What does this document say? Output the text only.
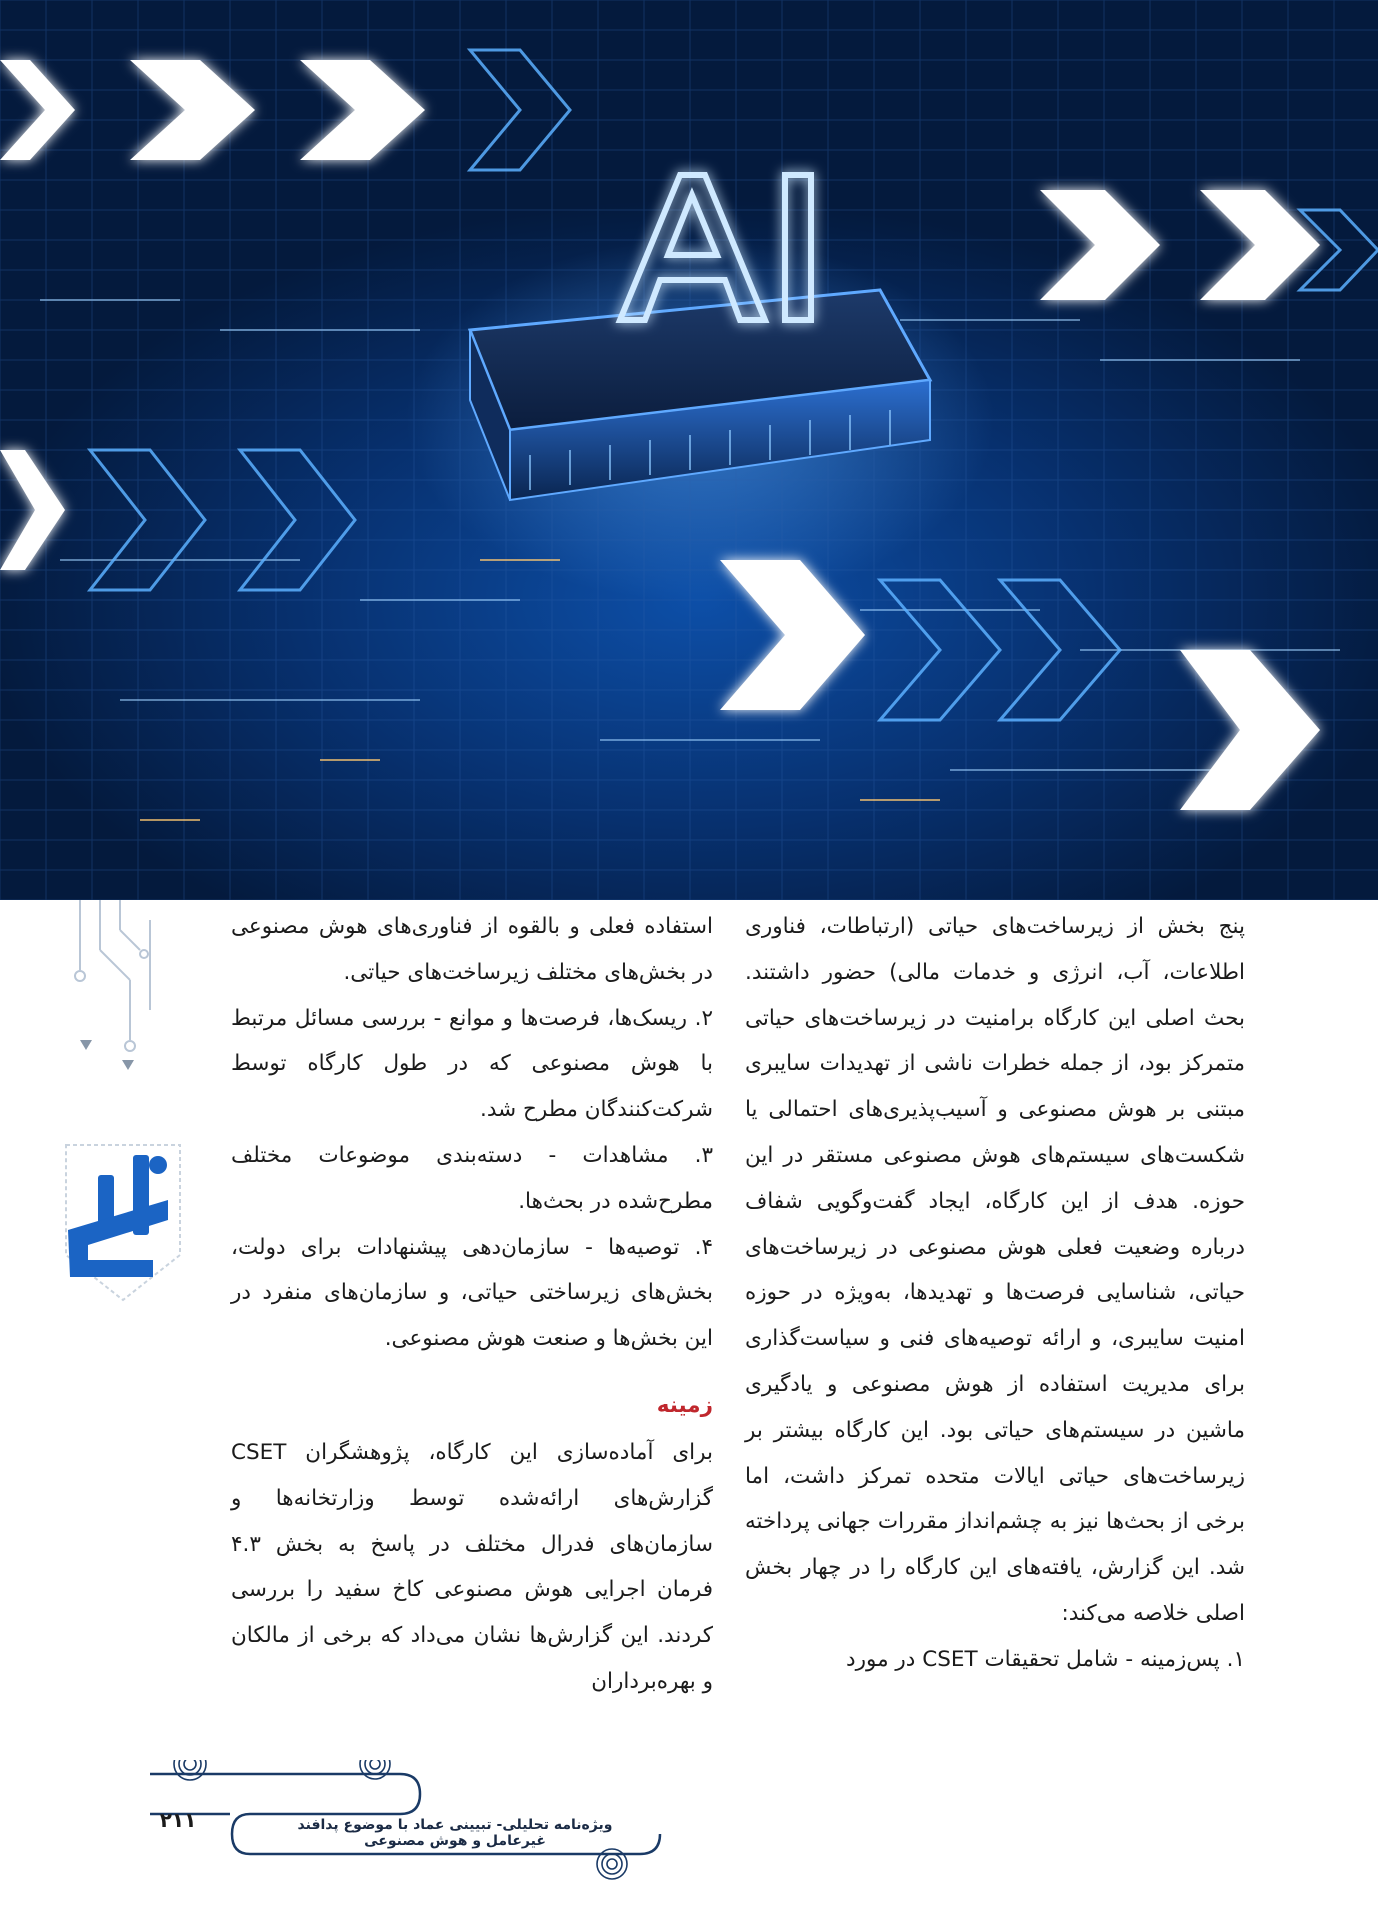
پنج بخش از زیرساخت‌های حیاتی (ارتباطات، فناوری اطلاعات، آب، انرژی و خدمات مالی) حضور داشتند. بحث اصلی این کارگاه برامنیت در زیرساخت‌های حیاتی متمرکز بود، از جمله خطرات ناشی از تهدیدات سایبری مبتنی بر هوش مصنوعی و آسیب‌پذیری‌های احتمالی یا شکست‌های سیستم‌های هوش مصنوعی مستقر در این حوزه. هدف از این کارگاه، ایجاد گفت‌وگویی شفاف درباره وضعیت فعلی هوش مصنوعی در زیرساخت‌های حیاتی، شناسایی فرصت‌ها و تهدیدها، به‌ویژه در حوزه امنیت سایبری، و ارائه توصیه‌های فنی و سیاست‌گذاری برای مدیریت استفاده از هوش مصنوعی و یادگیری ماشین در سیستم‌های حیاتی بود. این کارگاه بیشتر بر زیرساخت‌های حیاتی ایالات متحده تمرکز داشت، اما برخی از بحث‌ها نیز به چشم‌انداز مقررات جهانی پرداخته شد. این گزارش، یافته‌های این کارگاه را در چهار بخش اصلی خلاصه می‌کند:

۱. پس‌زمینه - شامل تحقیقات CSET در مورد

استفاده فعلی و بالقوه از فناوری‌های هوش مصنوعی در بخش‌های مختلف زیرساخت‌های حیاتی.

۲. ریسک‌ها، فرصت‌ها و موانع - بررسی مسائل مرتبط با هوش مصنوعی که در طول کارگاه توسط شرکت‌کنندگان مطرح شد.

۳. مشاهدات - دسته‌بندی موضوعات مختلف مطرح‌شده در بحث‌ها.

۴. توصیه‌ها - سازمان‌دهی پیشنهادات برای دولت، بخش‌های زیرساختی حیاتی، و سازمان‌های منفرد در این بخش‌ها و صنعت هوش مصنوعی.

زمینه

برای آماده‌سازی این کارگاه، پژوهشگران CSET گزارش‌های ارائه‌شده توسط وزارتخانه‌ها و سازمان‌های فدرال مختلف در پاسخ به بخش ۴.۳ فرمان اجرایی هوش مصنوعی کاخ سفید را بررسی کردند. این گزارش‌ها نشان می‌داد که برخی از مالکان و بهره‌برداران

ویژه‌نامه تحلیلی- تبیینی عماد با موضوع پدافند غیرعامل و هوش مصنوعی
۲۱۱
